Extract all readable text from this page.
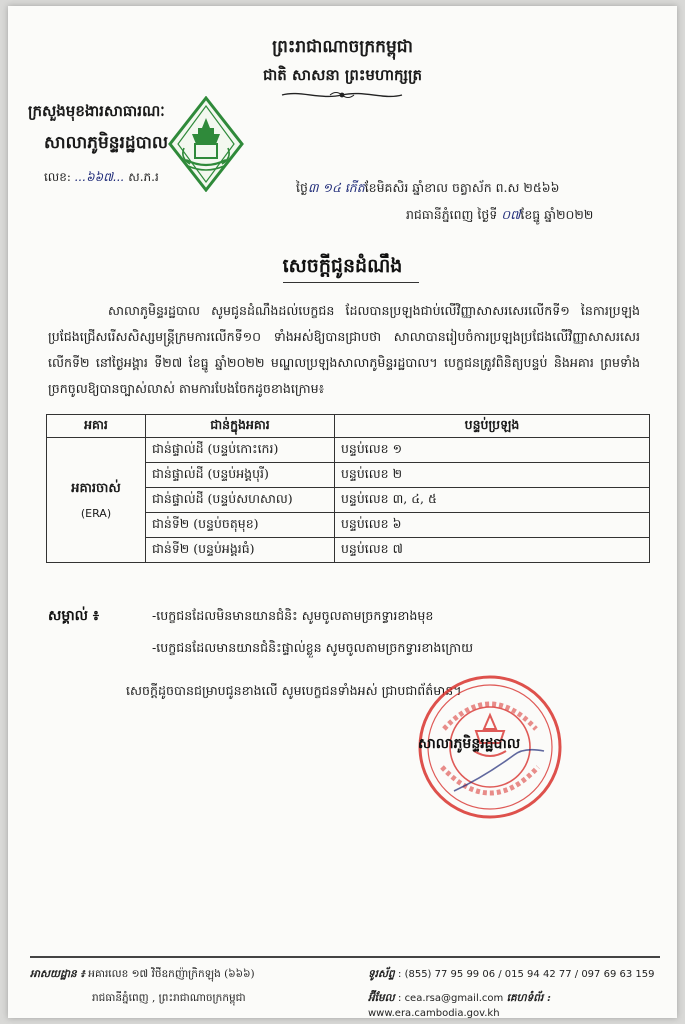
ព្រះរាជាណាចក្រកម្ពុជា
ជាតិ សាសនា ព្រះមហាក្សត្រ
ក្រសួងមុខងារសាធារណៈ
សាលាភូមិន្ទរដ្ឋបាល
លេខ: ...៦៦៧... ស.ភ.រ
ថ្ងៃ៣ ១៤ កើតខែមិគសិរ ឆ្នាំខាល ចត្វាស័ក ព.ស ២៥៦៦
រាជធានីភ្នំពេញ ថ្ងៃទី ០៧ខែធ្នូ ឆ្នាំ២០២២
សេចក្តីជូនដំណឹង
សាលាភូមិន្ទរដ្ឋបាល សូមជូនដំណឹងដល់បេក្ខជន ដែលបានប្រឡងជាប់លើវិញ្ញាសាសរសេរលើកទី១ នៃការប្រឡងប្រជែងជ្រើសរើសសិស្សមន្ត្រីក្រមការលើកទី១០ ទាំងអស់ឱ្យបានជ្រាបថា សាលាបានរៀបចំការប្រឡងប្រជែងលើវិញ្ញាសាសរសេរលើកទី២ នៅថ្ងៃអង្គារ ទី២៧ ខែធ្នូ ឆ្នាំ២០២២ មណ្ឌលប្រឡងសាលាភូមិន្ទរដ្ឋបាល។ បេក្ខជនត្រូវពិនិត្យបន្ទប់ និងអគារ ព្រមទាំងច្រកចូលឱ្យបានច្បាស់លាស់ តាមការបែងចែកដូចខាងក្រោម៖
អគារ	ជាន់ក្នុងអគារ	បន្ទប់ប្រឡង

អគារចាស់
(ERA)	ជាន់ផ្ទាល់ដី (បន្ទប់កោះកេរ)	បន្ទប់លេខ ១
	ជាន់ផ្ទាល់ដី (បន្ទប់អង្គបុរី)	បន្ទប់លេខ ២
	ជាន់ផ្ទាល់ដី (បន្ទប់សហសាល)	បន្ទប់លេខ ៣, ៤, ៥
	ជាន់ទី២ (បន្ទប់ចតុមុខ)	បន្ទប់លេខ ៦
	ជាន់ទី២ (បន្ទប់អង្គរធំ)	បន្ទប់លេខ ៧
សម្គាល់ ៖	-បេក្ខជនដែលមិនមានយានជំនិះ សូមចូលតាមច្រកទ្វារខាងមុខ
-បេក្ខជនដែលមានយានជំនិះផ្ទាល់ខ្លួន សូមចូលតាមច្រកទ្វារខាងក្រោយ
សេចក្តីដូចបានជម្រាបជូនខាងលើ សូមបេក្ខជនទាំងអស់ ជ្រាបជាព័ត៌មាន។
សាលាភូមិន្ទរដ្ឋបាល
អាសយដ្ឋាន ៖ អគារលេខ ១៧ វិថីឧកញ៉ាក្រិកឡុង (៦៦៦)
រាជធានីភ្នំពេញ , ព្រះរាជាណាចក្រកម្ពុជា
ទូរស័ព្ទ : (855) 77 95 99 06 / 015 94 42 77 / 097 69 63 159
អ៊ីមែល : cea.rsa@gmail.com គេហទំព័រ : www.era.cambodia.gov.kh
